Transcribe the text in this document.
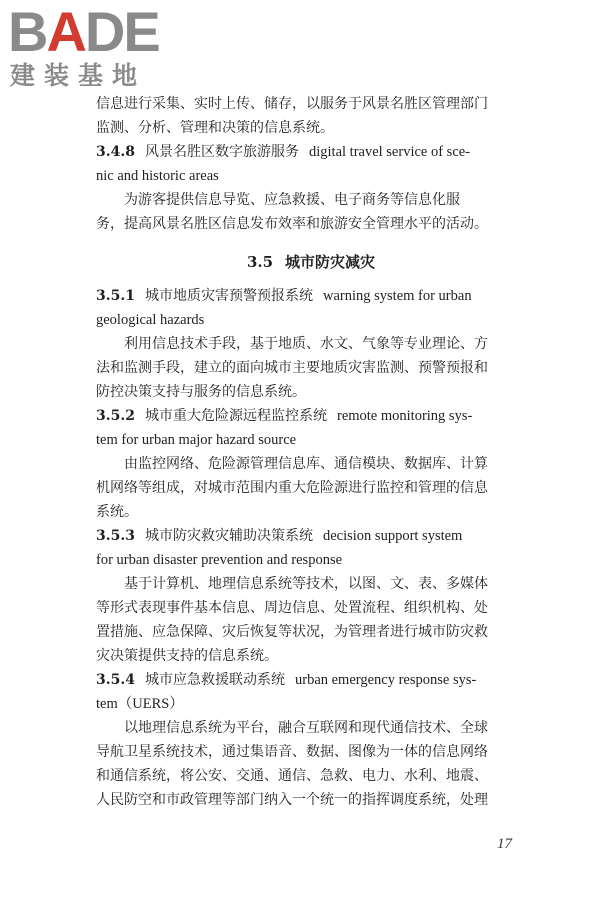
BADE
建装基地
信息进行采集、实时上传、储存，以服务于风景名胜区管理部门
监测、分析、管理和决策的信息系统。
3.4.8 风景名胜区数字旅游服务 digital travel service of sce-
nic and historic areas
为游客提供信息导览、应急救援、电子商务等信息化服
务，提高风景名胜区信息发布效率和旅游安全管理水平的活动。
3.5 城市防灾减灾
3.5.1 城市地质灾害预警预报系统 warning system for urban
geological hazards
利用信息技术手段，基于地质、水文、气象等专业理论、方
法和监测手段，建立的面向城市主要地质灾害监测、预警预报和
防控决策支持与服务的信息系统。
3.5.2 城市重大危险源远程监控系统 remote monitoring sys-
tem for urban major hazard source
由监控网络、危险源管理信息库、通信模块、数据库、计算
机网络等组成，对城市范围内重大危险源进行监控和管理的信息
系统。
3.5.3 城市防灾救灾辅助决策系统 decision support system
for urban disaster prevention and response
基于计算机、地理信息系统等技术，以图、文、表、多媒体
等形式表现事件基本信息、周边信息、处置流程、组织机构、处
置措施、应急保障、灾后恢复等状况，为管理者进行城市防灾救
灾决策提供支持的信息系统。
3.5.4 城市应急救援联动系统 urban emergency response sys-
tem（UERS）
以地理信息系统为平台，融合互联网和现代通信技术、全球
导航卫星系统技术，通过集语音、数据、图像为一体的信息网络
和通信系统，将公安、交通、通信、急救、电力、水利、地震、
人民防空和市政管理等部门纳入一个统一的指挥调度系统，处理
17
